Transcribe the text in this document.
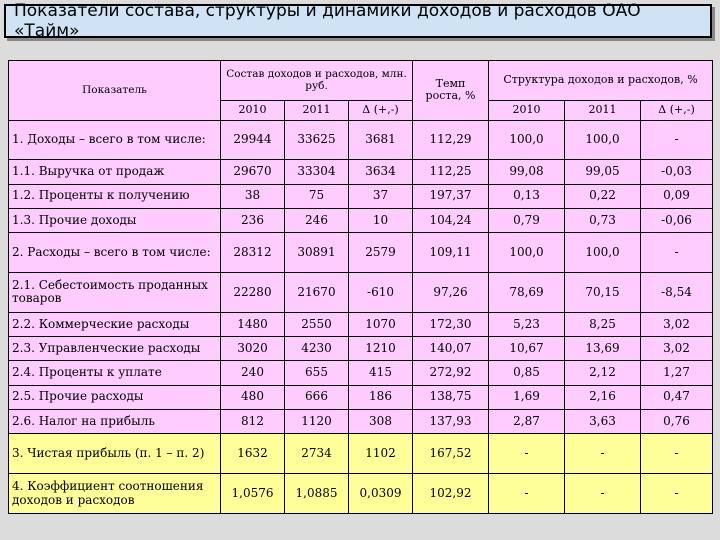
Показатели состава, структуры и динамики доходов и расходов ОАО «Тайм»
Показатель	Состав доходов и расходов, млн. руб.			Темп роста, %	Структура доходов и расходов, %		
	2010	2011	Δ (+,-)		2010	2011	Δ (+,-)
1. Доходы – всего в том числе:	29944	33625	3681	112,29	100,0	100,0	-
1.1. Выручка от продаж	29670	33304	3634	112,25	99,08	99,05	-0,03
1.2. Проценты к получению	38	75	37	197,37	0,13	0,22	0,09
1.3. Прочие доходы	236	246	10	104,24	0,79	0,73	-0,06
2. Расходы – всего в том числе:	28312	30891	2579	109,11	100,0	100,0	-
2.1. Себестоимость проданных товаров	22280	21670	-610	97,26	78,69	70,15	-8,54
2.2. Коммерческие расходы	1480	2550	1070	172,30	5,23	8,25	3,02
2.3. Управленческие расходы	3020	4230	1210	140,07	10,67	13,69	3,02
2.4. Проценты к уплате	240	655	415	272,92	0,85	2,12	1,27
2.5. Прочие расходы	480	666	186	138,75	1,69	2,16	0,47
2.6. Налог на прибыль	812	1120	308	137,93	2,87	3,63	0,76
3. Чистая прибыль (п. 1 – п. 2)	1632	2734	1102	167,52	-	-	-
4. Коэффициент соотношения доходов и расходов	1,0576	1,0885	0,0309	102,92	-	-	-
